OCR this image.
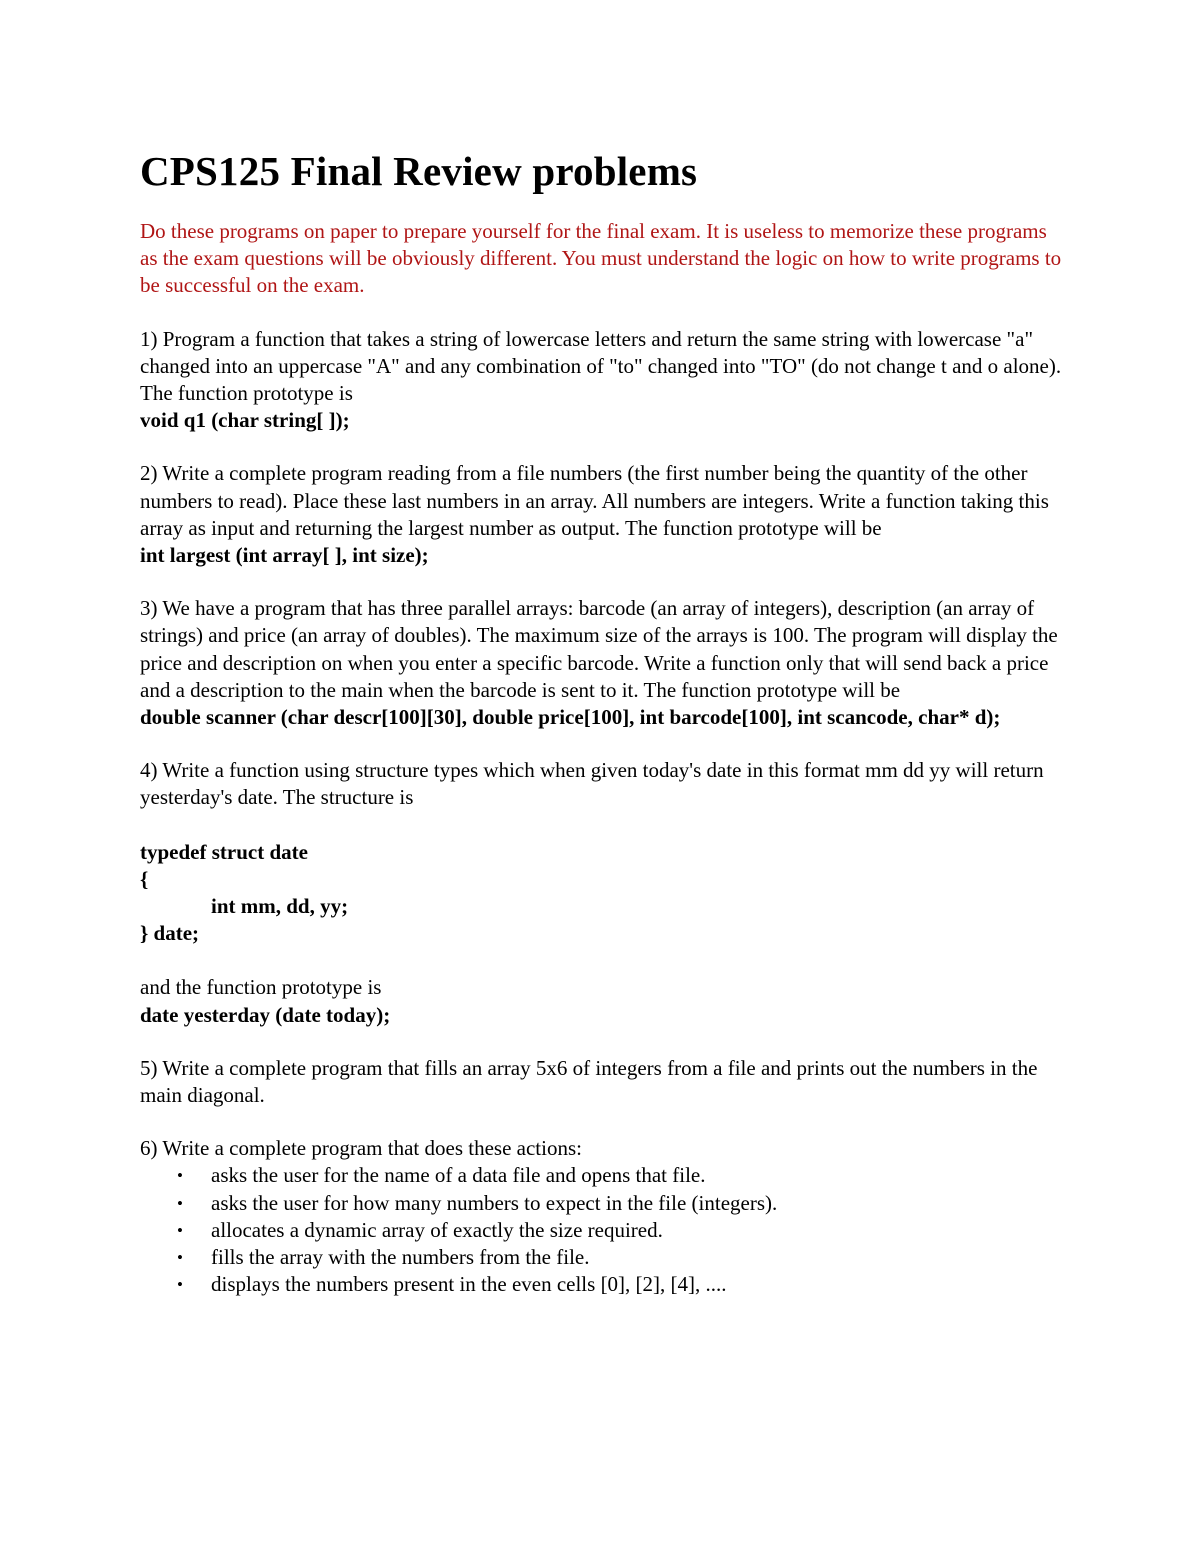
CPS125 Final Review problems

Do these programs on paper to prepare yourself for the final exam. It is useless to memorize these programs as the exam questions will be obviously different. You must understand the logic on how to write programs to be successful on the exam.

1) Program a function that takes a string of lowercase letters and return the same string with lowercase "a" changed into an uppercase "A" and any combination of "to" changed into "TO" (do not change t and o alone). The function prototype is
void q1 (char string[ ]);
2) Write a complete program reading from a file numbers (the first number being the quantity of the other numbers to read). Place these last numbers in an array. All numbers are integers. Write a function taking this array as input and returning the largest number as output. The function prototype will be
int largest (int array[ ], int size);
3) We have a program that has three parallel arrays: barcode (an array of integers), description (an array of strings) and price (an array of doubles). The maximum size of the arrays is 100. The program will display the price and description on when you enter a specific barcode. Write a function only that will send back a price and a description to the main when the barcode is sent to it. The function prototype will be
double scanner (char descr[100][30], double price[100], int barcode[100], int scancode, char* d);
4) Write a function using structure types which when given today's date in this format mm dd yy will return yesterday's date. The structure is
typedef struct date
{
int mm, dd, yy;
} date;
and the function prototype is
date yesterday (date today);
5) Write a complete program that fills an array 5x6 of integers from a file and prints out the numbers in the main diagonal.
6) Write a complete program that does these actions:
• asks the user for the name of a data file and opens that file.
• asks the user for how many numbers to expect in the file (integers).
• allocates a dynamic array of exactly the size required.
• fills the array with the numbers from the file.
• displays the numbers present in the even cells [0], [2], [4], ....
